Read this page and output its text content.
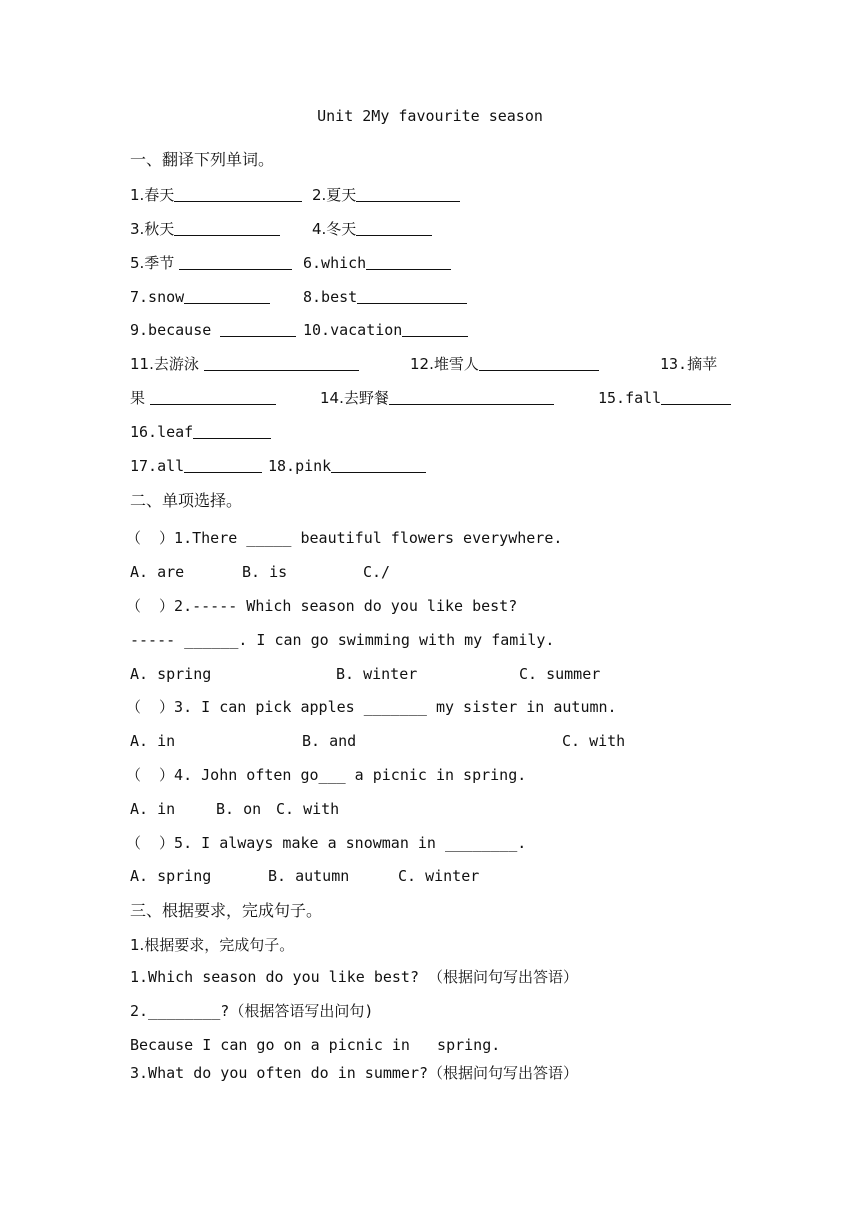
Unit 2My favourite season
一、翻译下列单词。
1.春天	2.夏天
3.秋天	4.冬天
5.季节	6.which
7.snow	8.best
9.because	10.vacation
11.去游泳	12.堆雪人	13.摘苹
果	14.去野餐	15.fall
16.leaf
17.all	18.pink
二、单项选择。
（  ）1.There _____ beautiful flowers everywhere.
A. are	B. is	C./
（  ）2.----- Which season do you like best?
----- ______. I can go swimming with my family.
A. spring	B. winter	C. summer
（  ）3. I can pick apples _______ my sister in autumn.
A. in	B. and	C. with
（  ）4. John often go___ a picnic in spring.
A. in	B. on C. with
（  ）5. I always make a snowman in ________.
A. spring	B. autumn	C. winter
三、根据要求，完成句子。
1.根据要求，完成句子。
1.Which season do you like best? （根据问句写出答语）
2.________?（根据答语写出问句)
Because I can go on a picnic in   spring.
3.What do you often do in summer?（根据问句写出答语）
